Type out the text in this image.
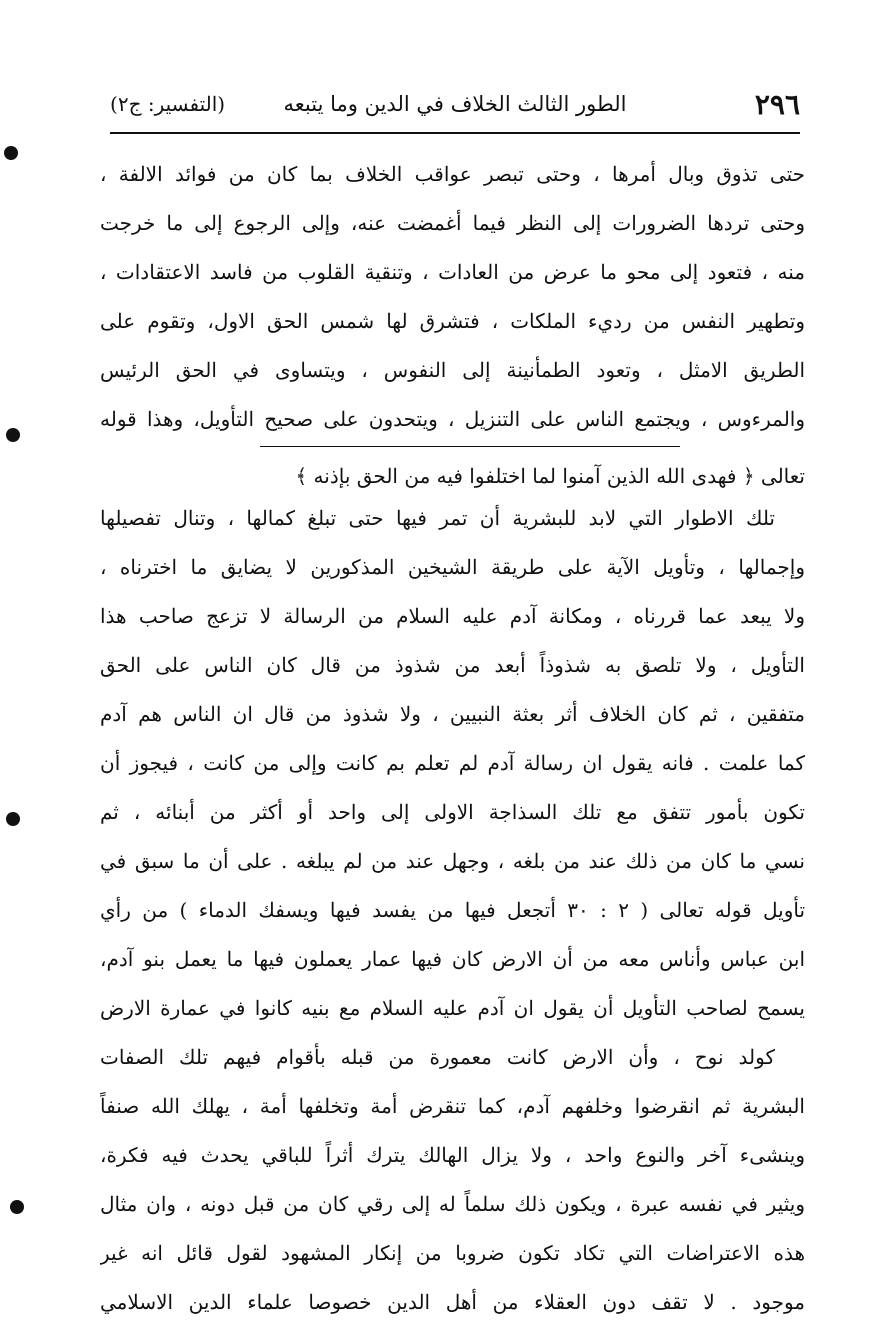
٢٩٦
الطور الثالث الخلاف في الدين وما يتبعه
(التفسير: ج٢)
حتى تذوق وبال أمرها ، وحتى تبصر عواقب الخلاف بما كان من فوائد الالفة ،
وحتى تردها الضرورات إلى النظر فيما أغمضت عنه، وإلى الرجوع إلى ما خرجت
منه ، فتعود إلى محو ما عرض من العادات ، وتنقية القلوب من فاسد الاعتقادات ،
وتطهير النفس من رديء الملكات ، فتشرق لها شمس الحق الاول، وتقوم على
الطريق الامثل ، وتعود الطمأنينة إلى النفوس ، ويتساوى في الحق الرئيس
والمرءوس ، ويجتمع الناس على التنزيل ، ويتحدون على صحيح التأويل، وهذا قوله
تعالى ﴿ فهدى الله الذين آمنوا لما اختلفوا فيه من الحق بإذنه ﴾
تلك الاطوار التي لابد للبشرية أن تمر فيها حتى تبلغ كمالها ، وتنال تفصيلها
وإجمالها ، وتأويل الآية على طريقة الشيخين المذكورين لا يضايق ما اخترناه ،
ولا يبعد عما قررناه ، ومكانة آدم عليه السلام من الرسالة لا تزعج صاحب هذا
التأويل ، ولا تلصق به شذوذاً أبعد من شذوذ من قال كان الناس على الحق
متفقين ، ثم كان الخلاف أثر بعثة النبيين ، ولا شذوذ من قال ان الناس هم آدم
كما علمت . فانه يقول ان رسالة آدم لم تعلم بم كانت وإلى من كانت ، فيجوز أن
تكون بأمور تتفق مع تلك السذاجة الاولى إلى واحد أو أكثر من أبنائه ، ثم
نسي ما كان من ذلك عند من بلغه ، وجهل عند من لم يبلغه . على أن ما سبق في
تأويل قوله تعالى ( ٢ : ٣٠ أتجعل فيها من يفسد فيها ويسفك الدماء ) من رأي
ابن عباس وأناس معه من أن الارض كان فيها عمار يعملون فيها ما يعمل بنو آدم،
يسمح لصاحب التأويل أن يقول ان آدم عليه السلام مع بنيه كانوا في عمارة الارض
كولد نوح ، وأن الارض كانت معمورة من قبله بأقوام فيهم تلك الصفات
البشرية ثم انقرضوا وخلفهم آدم، كما تنقرض أمة وتخلفها أمة ، يهلك الله صنفاً
وينشىء آخر والنوع واحد ، ولا يزال الهالك يترك أثراً للباقي يحدث فيه فكرة،
ويثير في نفسه عبرة ، ويكون ذلك سلماً له إلى رقي كان من قبل دونه ، وان مثال
هذه الاعتراضات التي تكاد تكون ضروبا من إنكار المشهود لقول قائل انه غير
موجود . لا تقف دون العقلاء من أهل الدين خصوصا علماء الدين الاسلامي
